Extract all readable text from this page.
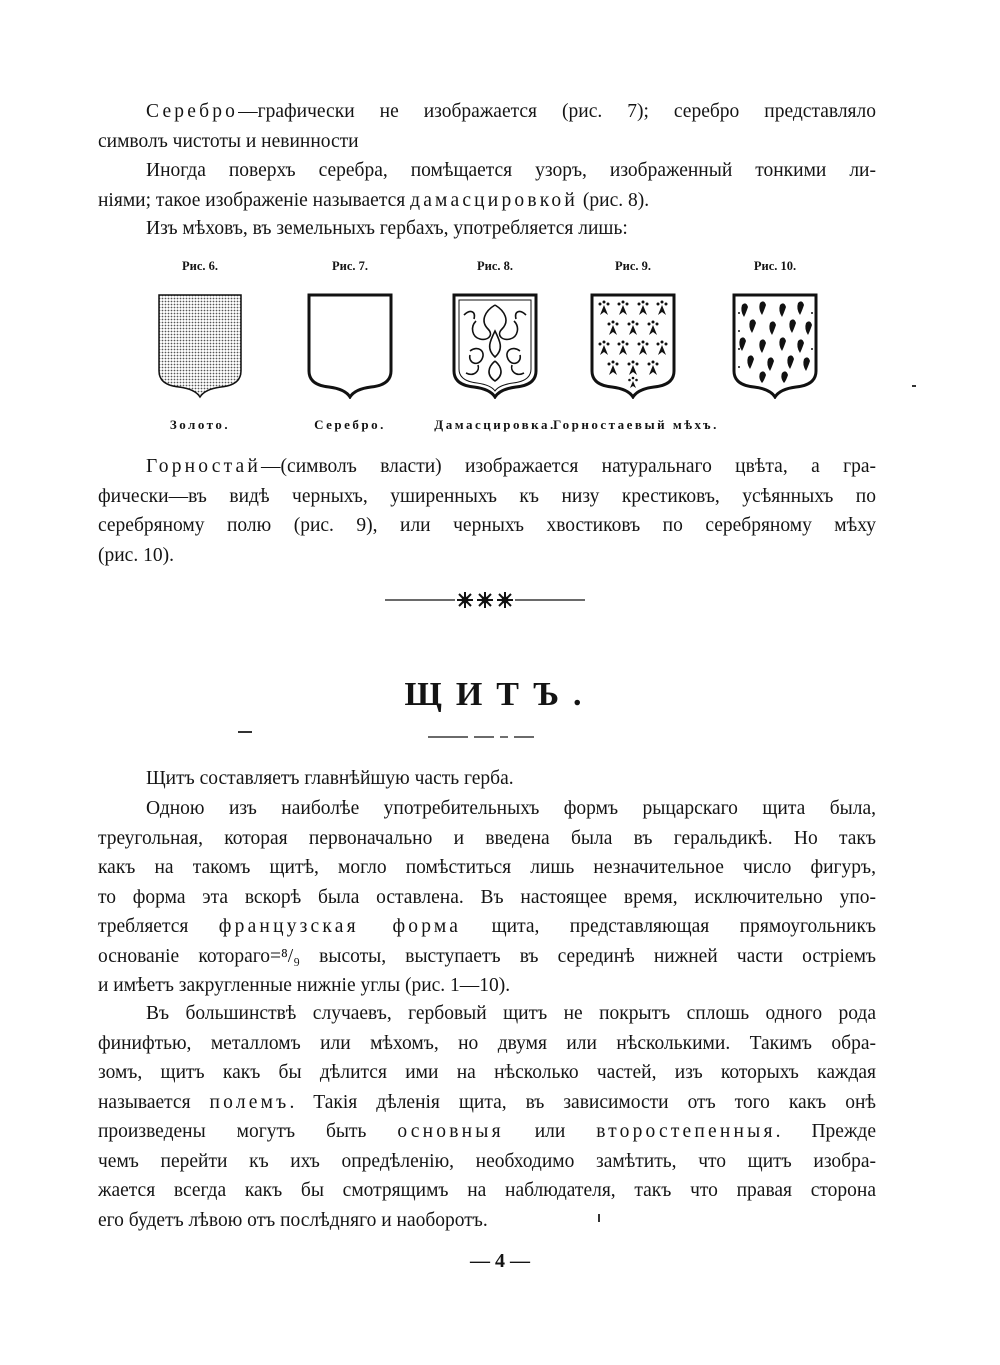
Серебро—графически не изображается (рис. 7); серебро представляло
символъ чистоты и невинности
Иногда поверхъ серебра, помѣщается узоръ, изображенный тонкими ли-
ніями; такое изображеніе называется дамасцировкой (рис. 8).
Изъ мѣховъ, въ земельныхъ гербахъ, употребляется лишь:
Рис. 6.
Золото.
Рис. 7.
Серебро.
Рис. 8.
Дамасцировка.
Рис. 9.
Горностаевый мѣхъ.
Рис. 10.
Горностай—(символъ власти) изображается натуральнаго цвѣта, а гра-
фически—въ видѣ черныхъ, уширенныхъ къ низу крестиковъ, усѣянныхъ по
серебряному полю (рис. 9), или черныхъ хвостиковъ по серебряному мѣху
(рис. 10).
ЩИТЪ.
Щитъ составляетъ главнѣйшую часть герба.
Одною изъ наиболѣе употребительныхъ формъ рыцарскаго щита была,
треугольная, которая первоначально и введена была въ геральдикѣ. Но такъ
какъ на такомъ щитѣ, могло помѣститься лишь незначительное число фигуръ,
то форма эта вскорѣ была оставлена. Въ настоящее время, исключительно упо-
требляется французская форма щита, представляющая прямоугольникъ
основаніе котораго=⁸/₉ высоты, выступаетъ въ серединѣ нижней части остріемъ
и имѣетъ закругленные нижніе углы (рис. 1—10).
Въ большинствѣ случаевъ, гербовый щитъ не покрытъ сплошь одного рода
финифтью, металломъ или мѣхомъ, но двумя или нѣсколькими. Такимъ обра-
зомъ, щитъ какъ бы дѣлится ими на нѣсколько частей, изъ которыхъ каждая
называется полемъ. Такія дѣленія щита, въ зависимости отъ того какъ онѣ
произведены могутъ быть основныя или второстепенныя. Прежде
чемъ перейти къ ихъ опредѣленію, необходимо замѣтить, что щитъ изобра-
жается всегда какъ бы смотрящимъ на наблюдателя, такъ что правая сторона
его будетъ лѣвою отъ послѣдняго и наоборотъ.
— 4 —
